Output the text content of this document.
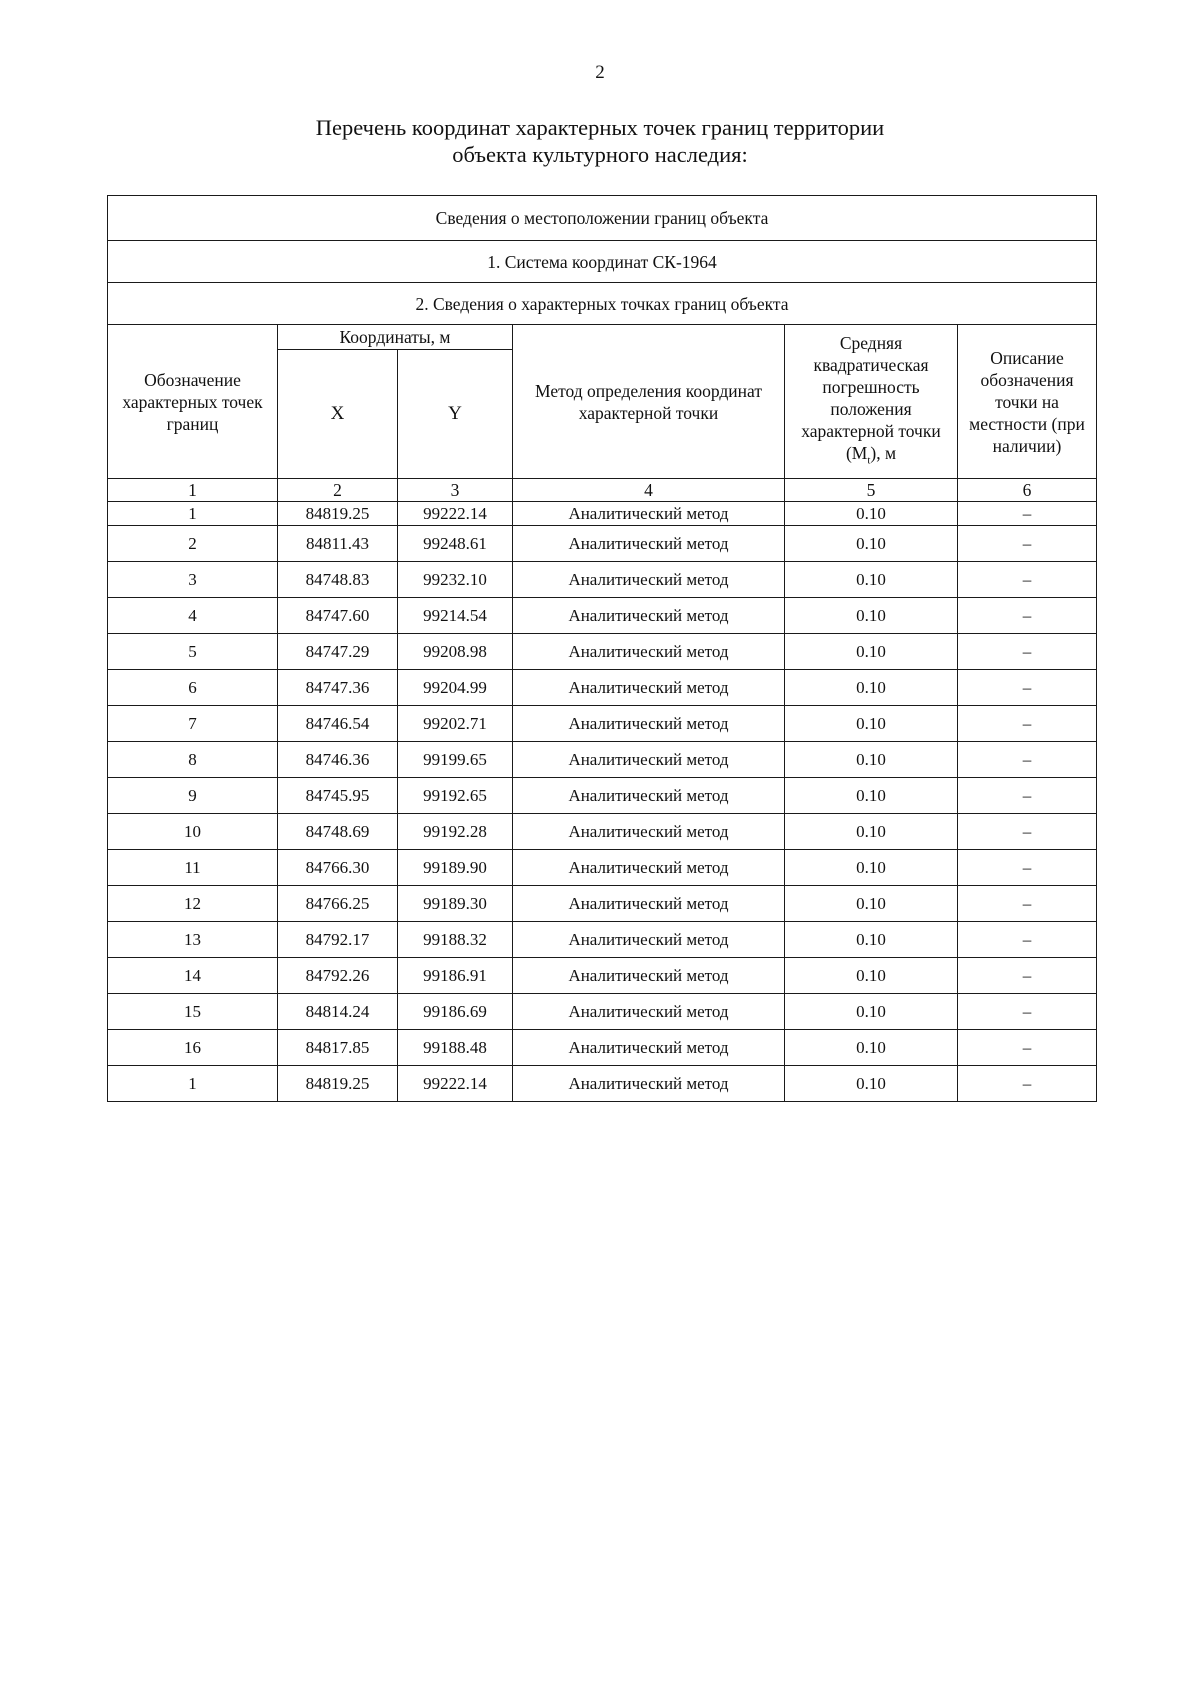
2
Перечень координат характерных точек границ территории
объекта культурного наследия:
Сведения о местоположении границ объекта					
1. Система координат СК-1964					
2. Сведения о характерных точках границ объекта					
Обозначение характерных точек границ	Координаты, м		Метод определения координат характерной точки	Средняя квадратическая погрешность положения характерной точки $(M_t)$, м	Описание обозначения точки на местности (при наличии)
	X	Y			
1	2	3	4	5	6
1	84819.25	99222.14	Аналитический метод	0.10	–
2	84811.43	99248.61	Аналитический метод	0.10	–
3	84748.83	99232.10	Аналитический метод	0.10	–
4	84747.60	99214.54	Аналитический метод	0.10	–
5	84747.29	99208.98	Аналитический метод	0.10	–
6	84747.36	99204.99	Аналитический метод	0.10	–
7	84746.54	99202.71	Аналитический метод	0.10	–
8	84746.36	99199.65	Аналитический метод	0.10	–
9	84745.95	99192.65	Аналитический метод	0.10	–
10	84748.69	99192.28	Аналитический метод	0.10	–
11	84766.30	99189.90	Аналитический метод	0.10	–
12	84766.25	99189.30	Аналитический метод	0.10	–
13	84792.17	99188.32	Аналитический метод	0.10	–
14	84792.26	99186.91	Аналитический метод	0.10	–
15	84814.24	99186.69	Аналитический метод	0.10	–
16	84817.85	99188.48	Аналитический метод	0.10	–
1	84819.25	99222.14	Аналитический метод	0.10	–
